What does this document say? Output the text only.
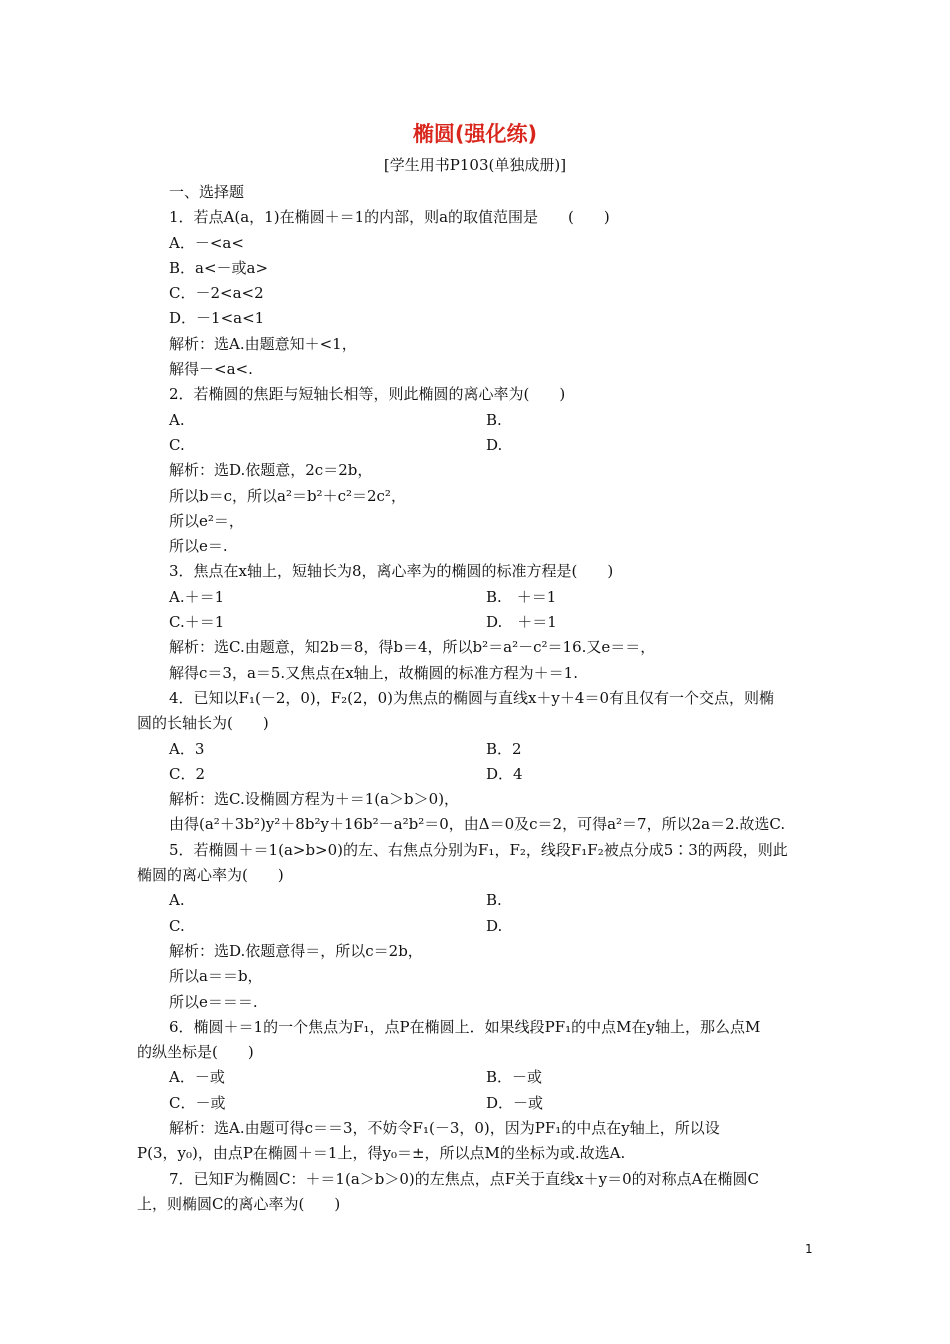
椭圆(强化练)
[学生用书P103(单独成册)]
一、选择题
1．若点A(a，1)在椭圆＋＝1的内部，则a的取值范围是　　(　　)
A．－<a<
B．a<－或a>
C．－2<a<2
D．－1<a<1
解析：选A.由题意知＋<1，
解得－<a<.
2．若椭圆的焦距与短轴长相等，则此椭圆的离心率为(　　)
A.	B.
C.	D.
解析：选D.依题意，2c＝2b，
所以b＝c，所以a²＝b²＋c²＝2c²，
所以e²＝，
所以e＝.
3．焦点在x轴上，短轴长为8，离心率为的椭圆的标准方程是(　　)
A.＋＝1	B.　＋＝1
C.＋＝1	D.　＋＝1
解析：选C.由题意，知2b＝8，得b＝4，所以b²＝a²－c²＝16.又e＝＝，
解得c＝3，a＝5.又焦点在x轴上，故椭圆的标准方程为＋＝1.
4．已知以F₁(－2，0)，F₂(2，0)为焦点的椭圆与直线x＋y＋4＝0有且仅有一个交点，则椭
圆的长轴长为(　　)
A．3	B．2
C．2	D．4
解析：选C.设椭圆方程为＋＝1(a＞b＞0)，
由得(a²＋3b²)y²＋8b²y＋16b²－a²b²＝0，由Δ＝0及c＝2，可得a²＝7，所以2a＝2.故选C.
5．若椭圆＋＝1(a>b>0)的左、右焦点分别为F₁，F₂，线段F₁F₂被点分成5∶3的两段，则此
椭圆的离心率为(　　)
A.	B.
C.	D.
解析：选D.依题意得＝，所以c＝2b，
所以a＝＝b，
所以e＝＝＝.
6．椭圆＋＝1的一个焦点为F₁，点P在椭圆上．如果线段PF₁的中点M在y轴上，那么点M
的纵坐标是(　　)
A．－或	B．－或
C．－或	D．－或
解析：选A.由题可得c＝＝3，不妨令F₁(－3，0)，因为PF₁的中点在y轴上，所以设
P(3，y₀)，由点P在椭圆＋＝1上，得y₀＝±，所以点M的坐标为或.故选A.
7．已知F为椭圆C：＋＝1(a＞b＞0)的左焦点，点F关于直线x＋y＝0的对称点A在椭圆C
上，则椭圆C的离心率为(　　)
1
